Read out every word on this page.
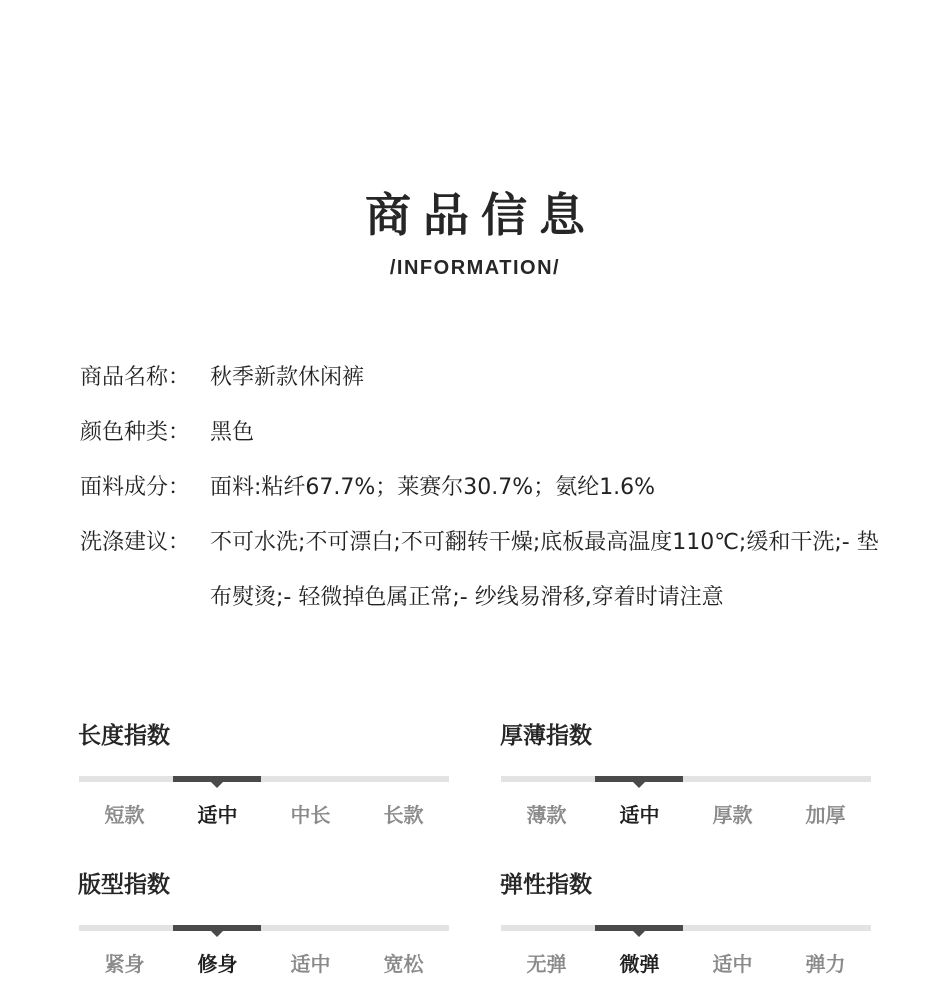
商品信息
/INFORMATION/
商品名称： 秋季新款休闲裤
颜色种类： 黑色
面料成分： 面料:粘纤67.7%；莱赛尔30.7%；氨纶1.6%
洗涤建议： 不可水洗;不可漂白;不可翻转干燥;底板最高温度110℃;缓和干洗;- 垫布熨烫;- 轻微掉色属正常;- 纱线易滑移,穿着时请注意
长度指数
短款	适中	中长	长款
厚薄指数
薄款	适中	厚款	加厚
版型指数
紧身	修身	适中	宽松
弹性指数
无弹	微弹	适中	弹力
